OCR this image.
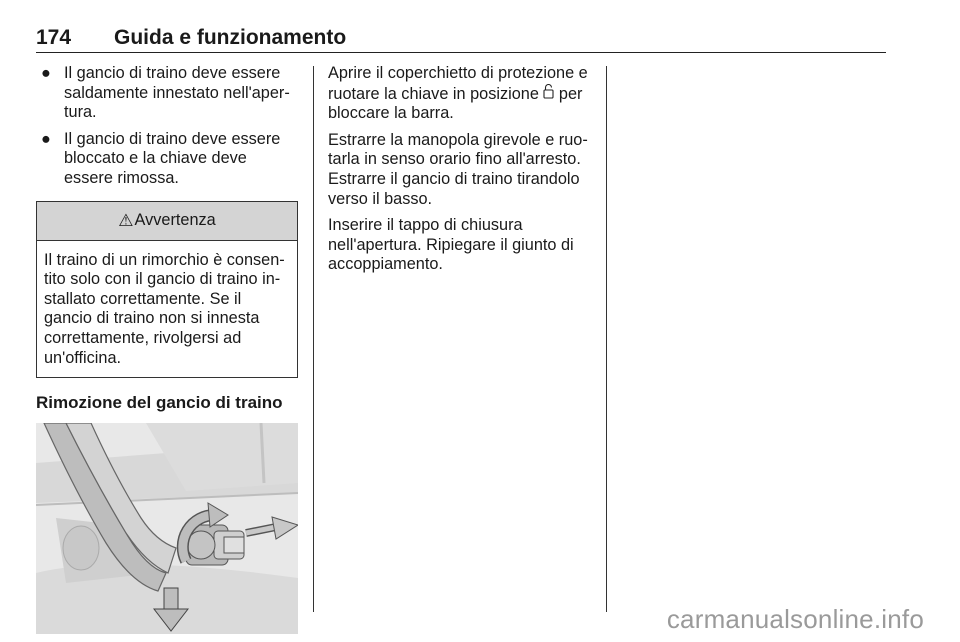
174	Guida e funzionamento
● Il gancio di traino deve essere saldamente innestato nell'apertura.
● Il gancio di traino deve essere bloccato e la chiave deve essere rimossa.
⚠ Avvertenza
Il traino di un rimorchio è consentito solo con il gancio di traino installato correttamente. Se il gancio di traino non si innesta correttamente, rivolgersi ad un'officina.
Rimozione del gancio di traino

Aprire il coperchietto di protezione e ruotare la chiave in posizione  per bloccare la barra.

Estrarre la manopola girevole e ruotarla in senso orario fino all'arresto. Estrarre il gancio di traino tirandolo verso il basso.

Inserire il tappo di chiusura nell'apertura. Ripiegare il giunto di accoppiamento.

carmanualsonline.info
